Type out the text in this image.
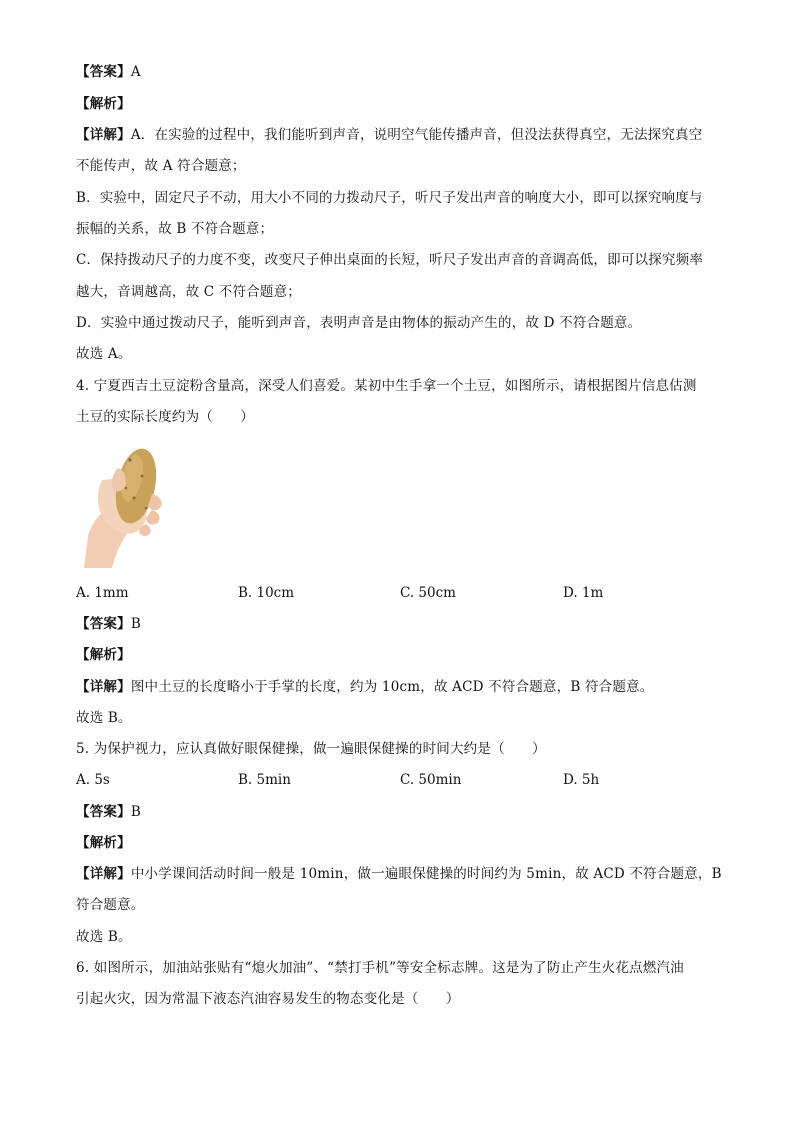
【答案】A
【解析】
【详解】A．在实验的过程中，我们能听到声音，说明空气能传播声音，但没法获得真空，无法探究真空
不能传声，故 A 符合题意；
B．实验中，固定尺子不动，用大小不同的力拨动尺子，听尺子发出声音的响度大小，即可以探究响度与
振幅的关系，故 B 不符合题意；
C．保持拨动尺子的力度不变，改变尺子伸出桌面的长短，听尺子发出声音的音调高低，即可以探究频率
越大，音调越高，故 C 不符合题意；
D．实验中通过拨动尺子，能听到声音，表明声音是由物体的振动产生的，故 D 不符合题意。
故选 A。
4. 宁夏西吉土豆淀粉含量高，深受人们喜爱。某初中生手拿一个土豆，如图所示，请根据图片信息估测
土豆的实际长度约为（　　）
A. 1mm	B. 10cm	C. 50cm	D. 1m
【答案】B
【解析】
【详解】图中土豆的长度略小于手掌的长度，约为 10cm，故 ACD 不符合题意，B 符合题意。
故选 B。
5. 为保护视力，应认真做好眼保健操，做一遍眼保健操的时间大约是（　　）
A. 5s	B. 5min	C. 50min	D. 5h
【答案】B
【解析】
【详解】中小学课间活动时间一般是 10min，做一遍眼保健操的时间约为 5min，故 ACD 不符合题意，B
符合题意。
故选 B。
6. 如图所示，加油站张贴有“熄火加油”、“禁打手机”等安全标志牌。这是为了防止产生火花点燃汽油
引起火灾，因为常温下液态汽油容易发生的物态变化是（　　）
